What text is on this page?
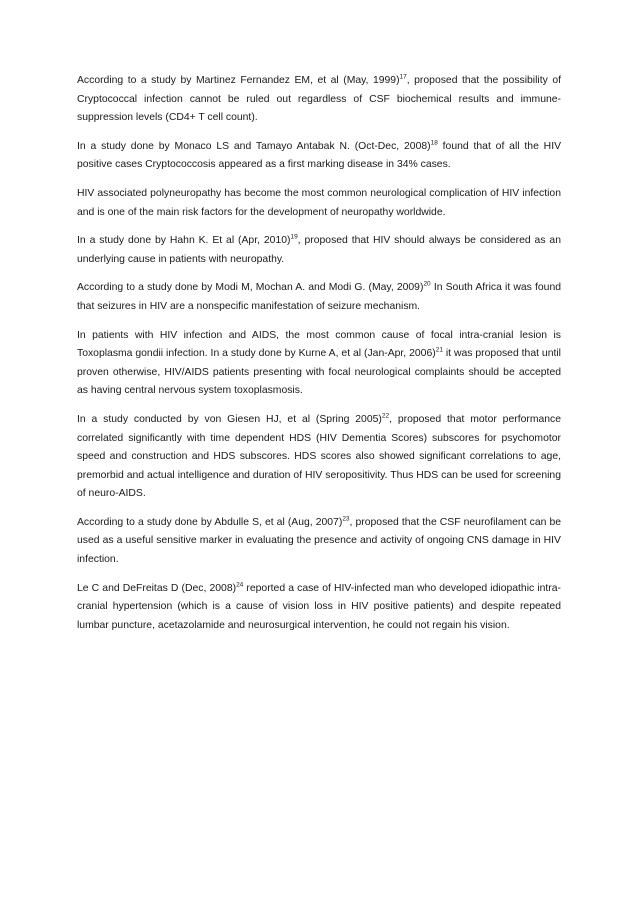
According to a study by Martinez Fernandez EM, et al (May, 1999)$^{17}$, proposed that the possibility of Cryptococcal infection cannot be ruled out regardless of CSF biochemical results and immune-suppression levels (CD4+ T cell count).

In a study done by Monaco LS and Tamayo Antabak N. (Oct-Dec, 2008)$^{18}$ found that of all the HIV positive cases Cryptococcosis appeared as a first marking disease in 34% cases.

HIV associated polyneuropathy has become the most common neurological complication of HIV infection and is one of the main risk factors for the development of neuropathy worldwide.

In a study done by Hahn K. Et al (Apr, 2010)$^{19}$, proposed that HIV should always be considered as an underlying cause in patients with neuropathy.

According to a study done by Modi M, Mochan A. and Modi G. (May, 2009)$^{20}$ In South Africa it was found that seizures in HIV are a nonspecific manifestation of seizure mechanism.

In patients with HIV infection and AIDS, the most common cause of focal intra-cranial lesion is Toxoplasma gondii infection. In a study done by Kurne A, et al (Jan-Apr, 2006)$^{21}$ it was proposed that until proven otherwise, HIV/AIDS patients presenting with focal neurological complaints should be accepted as having central nervous system toxoplasmosis.

In a study conducted by von Giesen HJ, et al (Spring 2005)$^{22}$, proposed that motor performance correlated significantly with time dependent HDS (HIV Dementia Scores) subscores for psychomotor speed and construction and HDS subscores. HDS scores also showed significant correlations to age, premorbid and actual intelligence and duration of HIV seropositivity. Thus HDS can be used for screening of neuro-AIDS.

According to a study done by Abdulle S, et al (Aug, 2007)$^{23}$, proposed that the CSF neurofilament can be used as a useful sensitive marker in evaluating the presence and activity of ongoing CNS damage in HIV infection.

Le C and DeFreitas D (Dec, 2008)$^{24}$ reported a case of HIV-infected man who developed idiopathic intra-cranial hypertension (which is a cause of vision loss in HIV positive patients) and despite repeated lumbar puncture, acetazolamide and neurosurgical intervention, he could not regain his vision.
